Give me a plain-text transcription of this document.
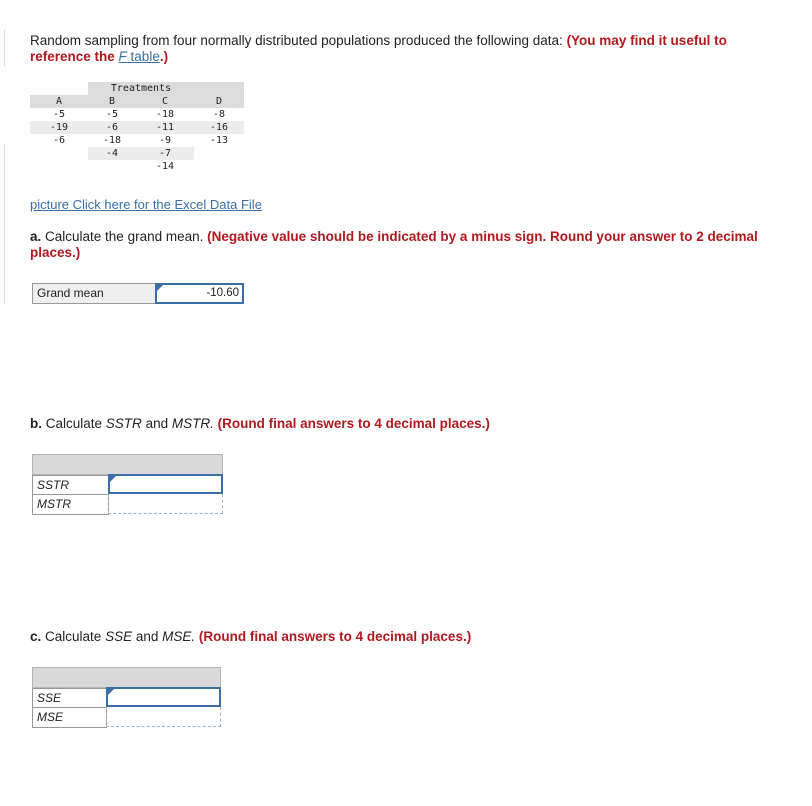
Random sampling from four normally distributed populations produced the following data: (You may find it useful to reference the F table.)
	Treatments		
A	B	C	D
-5	-5	-18	-8
-19	-6	-11	-16
-6	-18	-9	-13
	-4	-7	
		-14	
picture Click here for the Excel Data File
a. Calculate the grand mean. (Negative value should be indicated by a minus sign. Round your answer to 2 decimal places.)
Grand mean	-10.60
b. Calculate SSTR and MSTR. (Round final answers to 4 decimal places.)
SSTR
MSTR
c. Calculate SSE and MSE. (Round final answers to 4 decimal places.)
SSE
MSE
